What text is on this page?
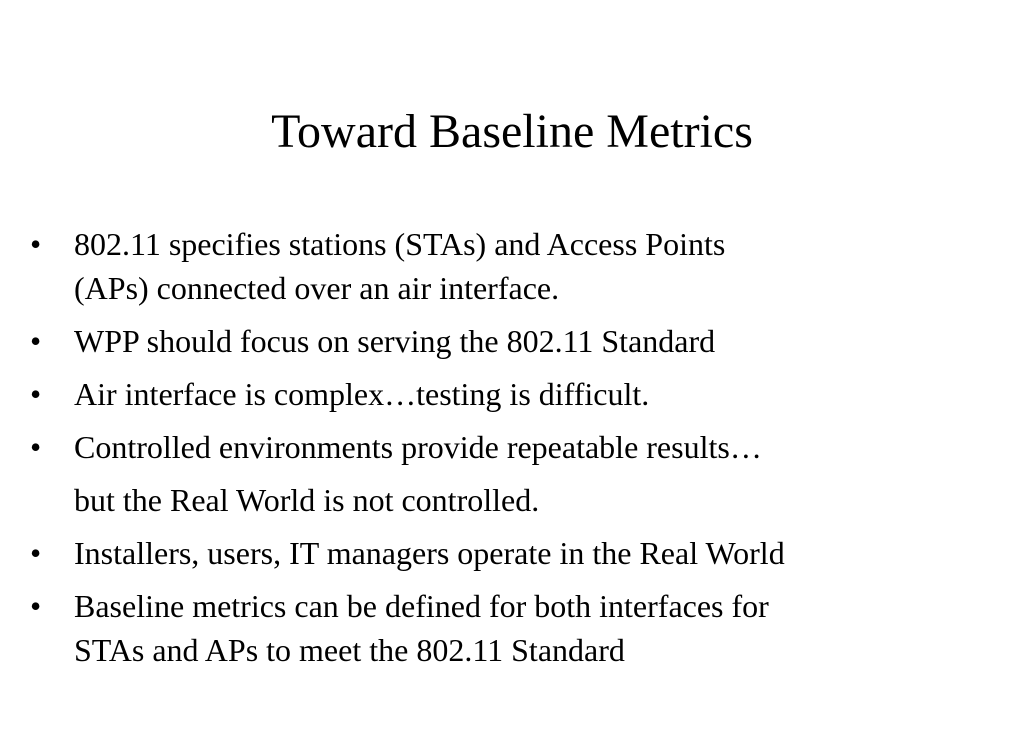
Toward Baseline Metrics
•	802.11 specifies stations (STAs) and Access Points
(APs) connected over an air interface.
•	WPP should focus on serving the 802.11 Standard
•	Air interface is complex…testing is difficult.
•	Controlled environments provide repeatable results…
but the Real World is not controlled.
•	Installers, users, IT managers operate in the Real World
•	Baseline metrics can be defined for both interfaces for
STAs and APs to meet the 802.11 Standard
